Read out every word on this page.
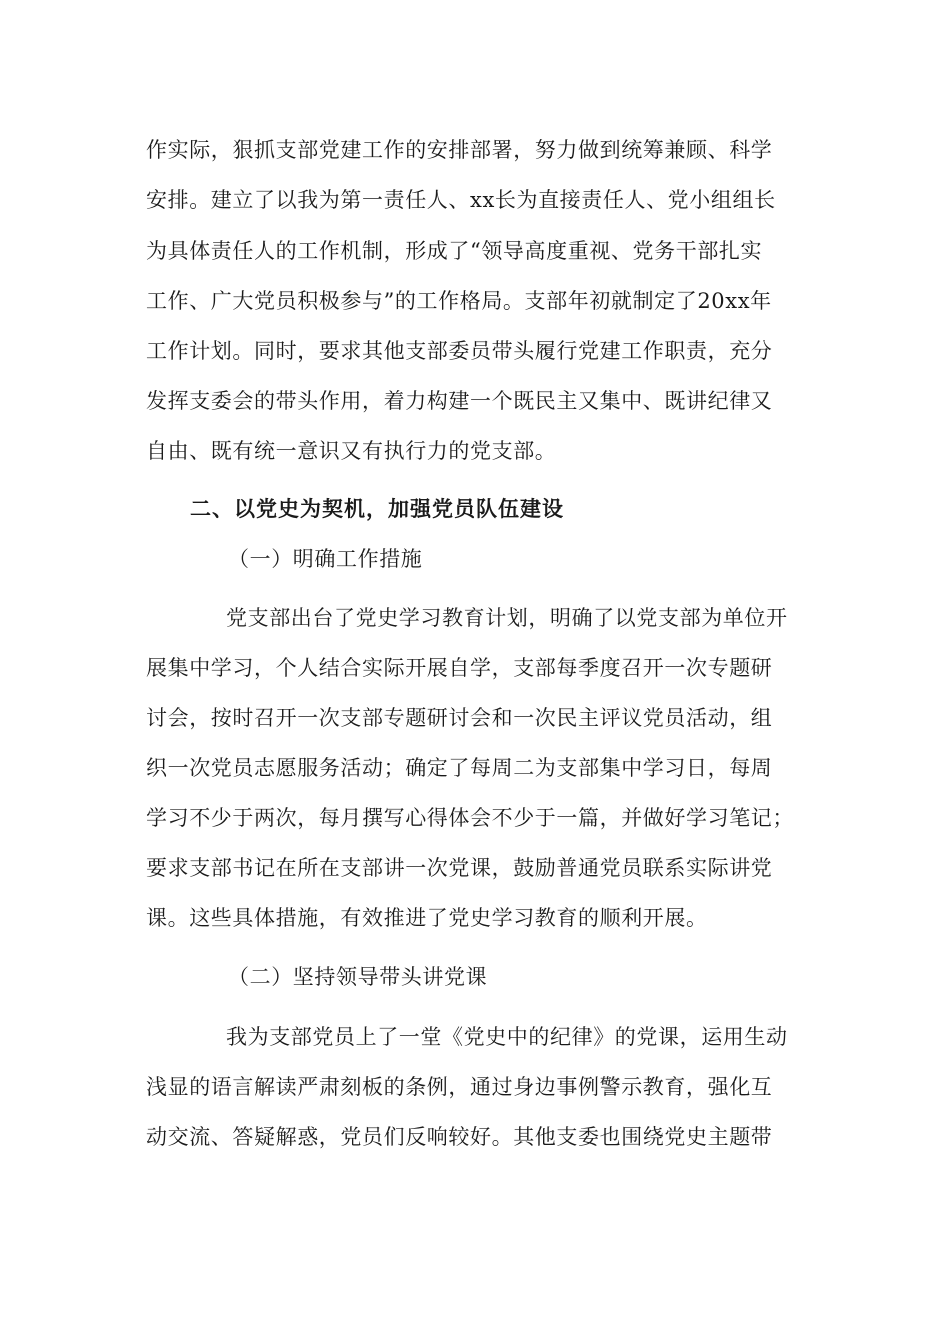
作实际，狠抓支部党建工作的安排部署，努力做到统筹兼顾、科学
安排。建立了以我为第一责任人、xx长为直接责任人、党小组组长
为具体责任人的工作机制，形成了“领导高度重视、党务干部扎实
工作、广大党员积极参与”的工作格局。支部年初就制定了20xx年
工作计划。同时，要求其他支部委员带头履行党建工作职责，充分
发挥支委会的带头作用，着力构建一个既民主又集中、既讲纪律又
自由、既有统一意识又有执行力的党支部。
二、以党史为契机，加强党员队伍建设
（一）明确工作措施
党支部出台了党史学习教育计划，明确了以党支部为单位开
展集中学习，个人结合实际开展自学，支部每季度召开一次专题研
讨会，按时召开一次支部专题研讨会和一次民主评议党员活动，组
织一次党员志愿服务活动；确定了每周二为支部集中学习日，每周
学习不少于两次，每月撰写心得体会不少于一篇，并做好学习笔记；
要求支部书记在所在支部讲一次党课，鼓励普通党员联系实际讲党
课。这些具体措施，有效推进了党史学习教育的顺利开展。
（二）坚持领导带头讲党课
我为支部党员上了一堂《党史中的纪律》的党课，运用生动
浅显的语言解读严肃刻板的条例，通过身边事例警示教育，强化互
动交流、答疑解惑，党员们反响较好。其他支委也围绕党史主题带
